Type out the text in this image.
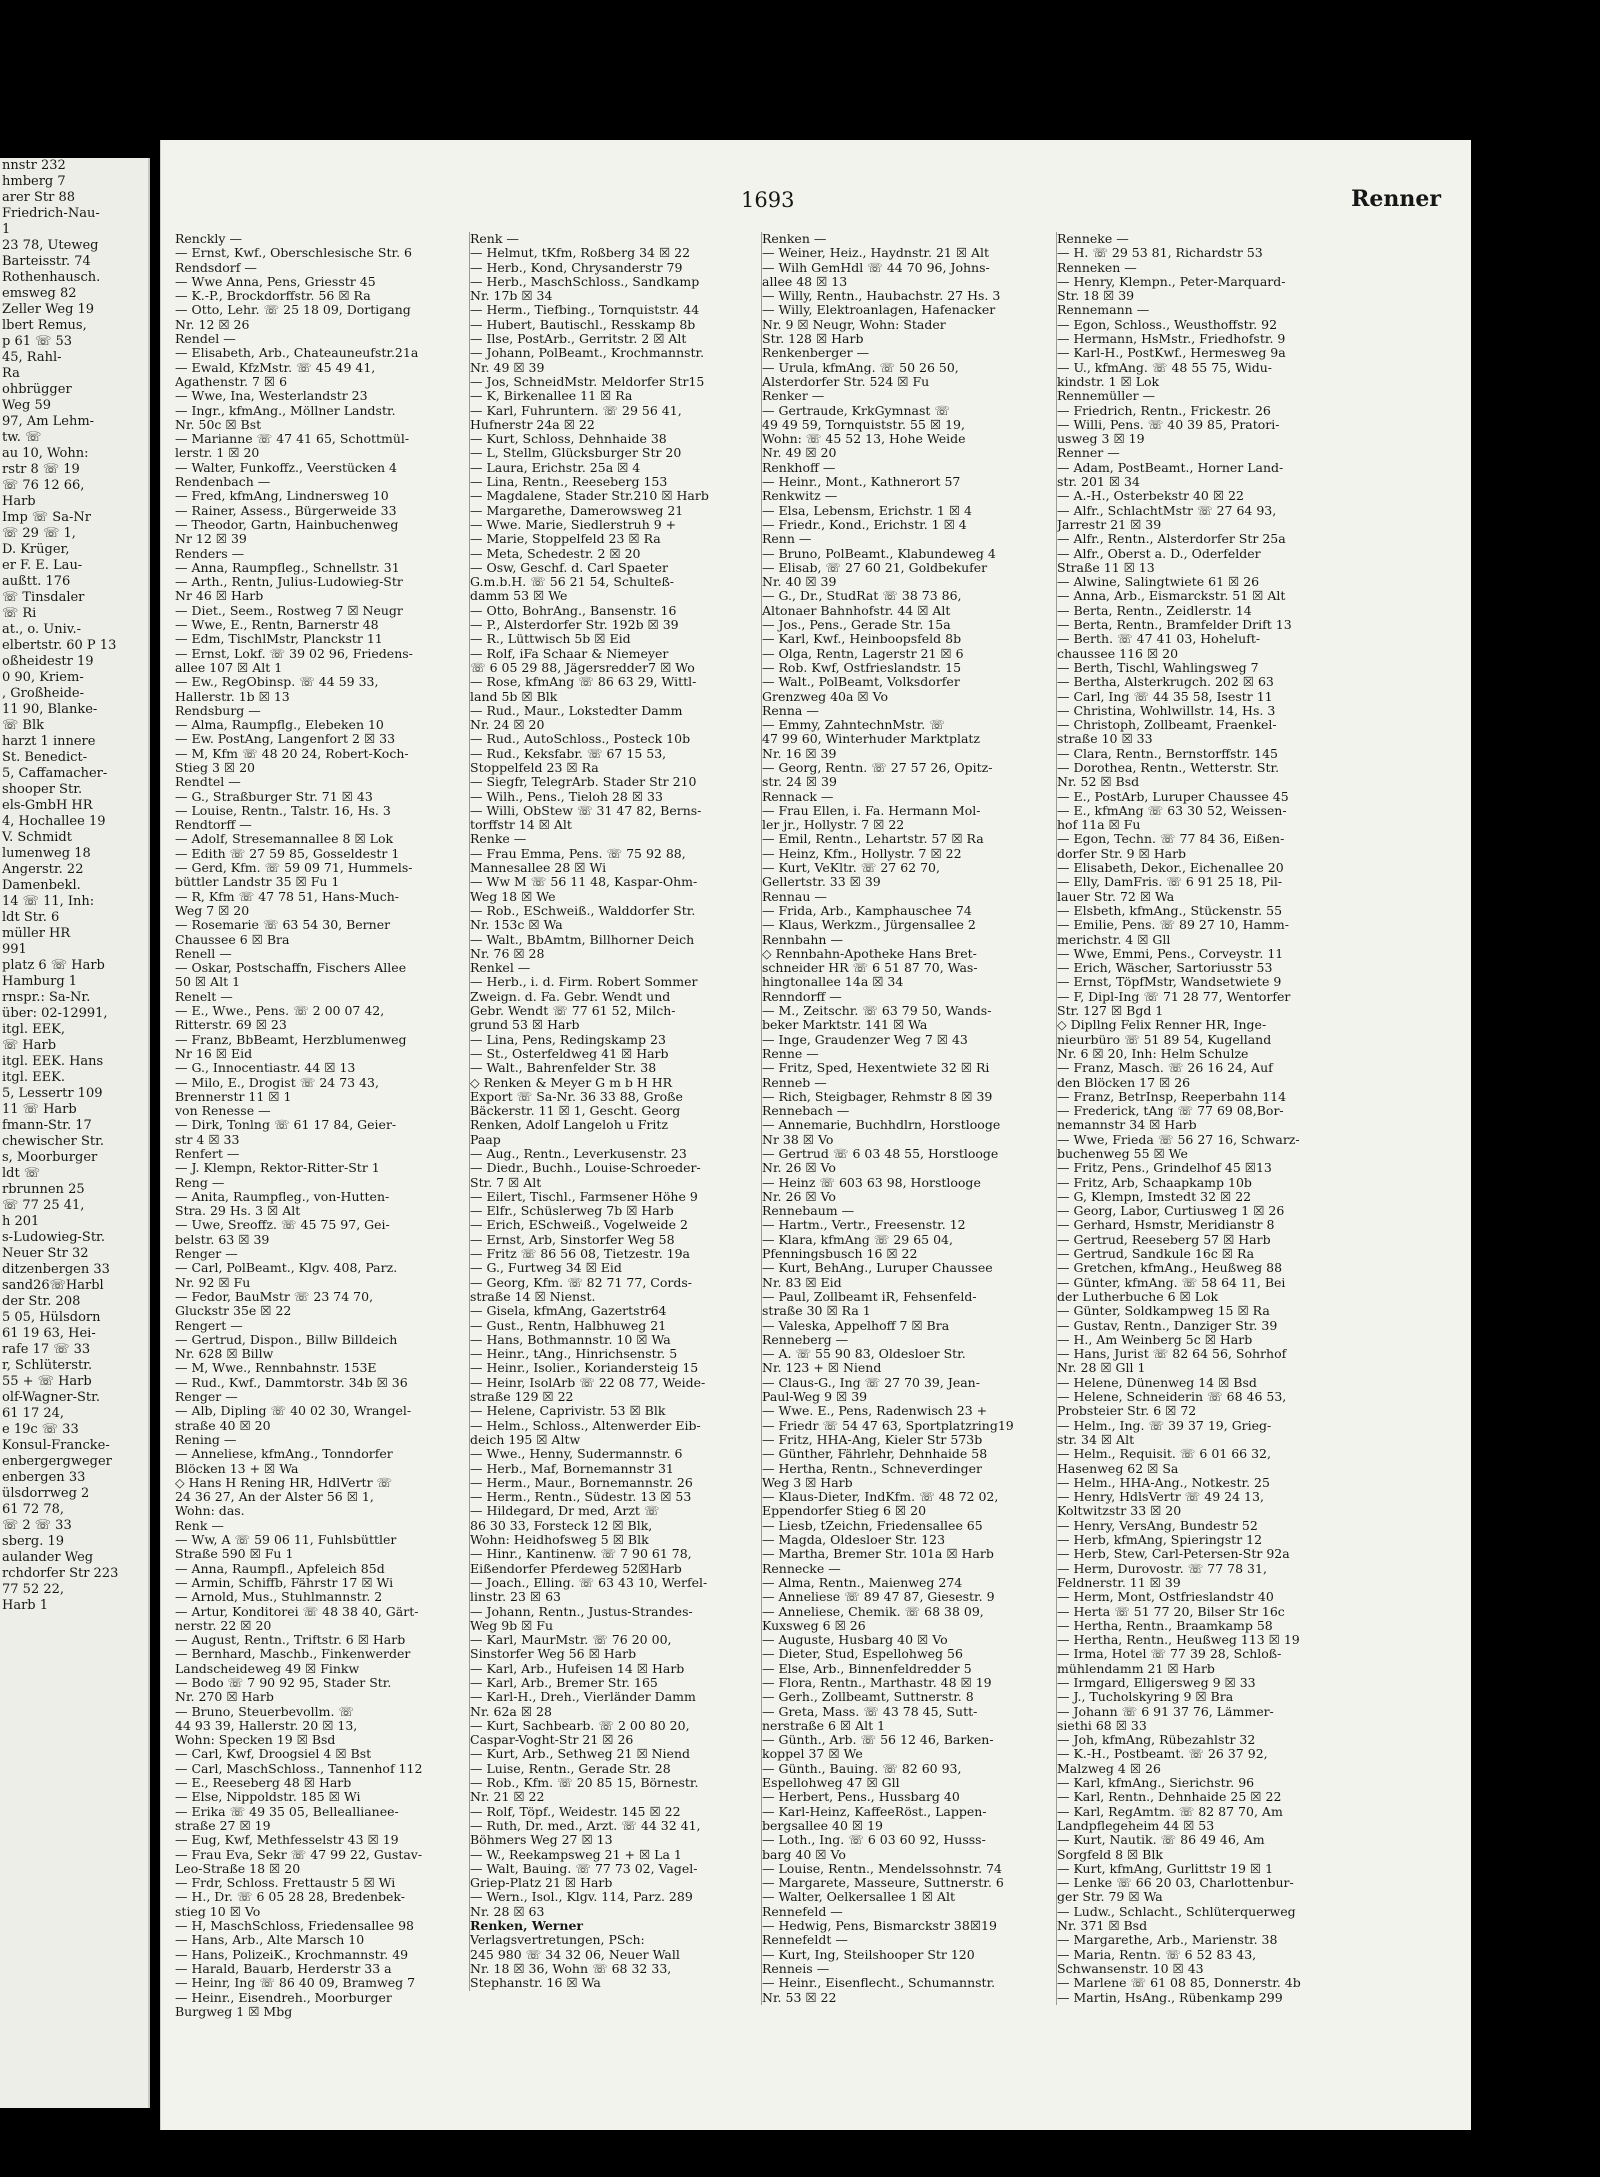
nnstr 232
hmberg 7
arer Str 88
Friedrich-Nau-
1
23 78, Uteweg
Barteisstr. 74
Rothenhausch.
emsweg 82
Zeller Weg 19
lbert Remus,
p 61 ☏ 53
45, Rahl-
Ra
ohbrügger
Weg 59
97, Am Lehm-
tw. ☏
au 10, Wohn:
rstr 8 ☏ 19
☏ 76 12 66,
Harb
Imp ☏ Sa-Nr
☏ 29 ☏ 1,
D. Krüger,
er F. E. Lau-
außtt. 176
☏ Tinsdaler
☏ Ri
at., o. Univ.-
elbertstr. 60 P 13
oßheidestr 19
0 90, Kriem-
, Großheide-
11 90, Blanke-
☏ Blk
harzt 1 innere
St. Benedict-
5, Caffamacher-
shooper Str.
els-GmbH HR
4, Hochallee 19
V. Schmidt
lumenweg 18
Angerstr. 22
Damenbekl.
14 ☏ 11, Inh:
ldt Str. 6
müller HR
991
platz 6 ☏ Harb
Hamburg 1
rnspr.: Sa-Nr.
über: 02-12991,
itgl. EEK,
☏ Harb
itgl. EEK. Hans
itgl. EEK.
5, Lessertr 109
11 ☏ Harb
fmann-Str. 17
chewischer Str.
s, Moorburger
ldt ☏
rbrunnen 25
☏ 77 25 41,
h 201
s-Ludowieg-Str.
Neuer Str 32
ditzenbergen 33
sand26☏Harbl
der Str. 208
5 05, Hülsdorn
61 19 63, Hei-
rafe 17 ☏ 33
r, Schlüterstr.
55 + ☏ Harb
olf-Wagner-Str.
61 17 24,
e 19c ☏ 33
Konsul-Francke-
enbergergweger
enbergen 33
ülsdorrweg 2
61 72 78,
☏ 2 ☏ 33
sberg. 19
aulander Weg
rchdorfer Str 223
77 52 22,
Harb 1
1693	Renner
Renckly —
— Ernst, Kwf., Oberschlesische Str. 6
Rendsdorf —
— Wwe Anna, Pens, Griesstr 45
— K.-P., Brockdorffstr. 56 ☒ Ra
— Otto, Lehr. ☏ 25 18 09, Dortigang
Nr. 12 ☒ 26
Rendel —
— Elisabeth, Arb., Chateauneufstr.21a
— Ewald, KfzMstr. ☏ 45 49 41,
Agathenstr. 7 ☒ 6
— Wwe, Ina, Westerlandstr 23
— Ingr., kfmAng., Möllner Landstr.
Nr. 50c ☒ Bst
— Marianne ☏ 47 41 65, Schottmül-
lerstr. 1 ☒ 20
— Walter, Funkoffz., Veerstücken 4
Rendenbach —
— Fred, kfmAng, Lindnersweg 10
— Rainer, Assess., Bürgerweide 33
— Theodor, Gartn, Hainbuchenweg
Nr 12 ☒ 39
Renders —
— Anna, Raumpfleg., Schnellstr. 31
— Arth., Rentn, Julius-Ludowieg-Str
Nr 46 ☒ Harb
— Diet., Seem., Rostweg 7 ☒ Neugr
— Wwe, E., Rentn, Barnerstr 48
— Edm, TischlMstr, Planckstr 11
— Ernst, Lokf. ☏ 39 02 96, Friedens-
allee 107 ☒ Alt 1
— Ew., RegObinsp. ☏ 44 59 33,
Hallerstr. 1b ☒ 13
Rendsburg —
— Alma, Raumpflg., Elebeken 10
— Ew. PostAng, Langenfort 2 ☒ 33
— M, Kfm ☏ 48 20 24, Robert-Koch-
Stieg 3 ☒ 20
Rendtel —
— G., Straßburger Str. 71 ☒ 43
— Louise, Rentn., Talstr. 16, Hs. 3
Rendtorff —
— Adolf, Stresemannallee 8 ☒ Lok
— Edith ☏ 27 59 85, Gosseldestr 1
— Gerd, Kfm. ☏ 59 09 71, Hummels-
büttler Landstr 35 ☒ Fu 1
— R, Kfm ☏ 47 78 51, Hans-Much-
Weg 7 ☒ 20
— Rosemarie ☏ 63 54 30, Berner
Chaussee 6 ☒ Bra
Renell —
— Oskar, Postschaffn, Fischers Allee
50 ☒ Alt 1
Renelt —
— E., Wwe., Pens. ☏ 2 00 07 42,
Ritterstr. 69 ☒ 23
— Franz, BbBeamt, Herzblumenweg
Nr 16 ☒ Eid
— G., Innocentiastr. 44 ☒ 13
— Milo, E., Drogist ☏ 24 73 43,
Brennerstr 11 ☒ 1
von Renesse —
— Dirk, Tonlng ☏ 61 17 84, Geier-
str 4 ☒ 33
Renfert —
— J. Klempn, Rektor-Ritter-Str 1
Reng —
— Anita, Raumpfleg., von-Hutten-
Stra. 29 Hs. 3 ☒ Alt
— Uwe, Sreoffz. ☏ 45 75 97, Gei-
belstr. 63 ☒ 39
Renger —
— Carl, PolBeamt., Klgv. 408, Parz.
Nr. 92 ☒ Fu
— Fedor, BauMstr ☏ 23 74 70,
Gluckstr 35e ☒ 22
Rengert —
— Gertrud, Dispon., Billw Billdeich
Nr. 628 ☒ Billw
— M, Wwe., Rennbahnstr. 153E
— Rud., Kwf., Dammtorstr. 34b ☒ 36
Renger —
— Alb, Dipling ☏ 40 02 30, Wrangel-
straße 40 ☒ 20
Rening —
— Anneliese, kfmAng., Tonndorfer
Blöcken 13 + ☒ Wa
◇ Hans H Rening HR, HdlVertr ☏
24 36 27, An der Alster 56 ☒ 1,
Wohn: das.
Renk —
— Ww, A ☏ 59 06 11, Fuhlsbüttler
Straße 590 ☒ Fu 1
— Anna, Raumpfl., Apfeleich 85d
— Armin, Schiffb, Fährstr 17 ☒ Wi
— Arnold, Mus., Stuhlmannstr. 2
— Artur, Konditorei ☏ 48 38 40, Gärt-
nerstr. 22 ☒ 20
— August, Rentn., Triftstr. 6 ☒ Harb
— Bernhard, Maschb., Finkenwerder
Landscheideweg 49 ☒ Finkw
— Bodo ☏ 7 90 92 95, Stader Str.
Nr. 270 ☒ Harb
— Bruno, Steuerbevollm. ☏
44 93 39, Hallerstr. 20 ☒ 13,
Wohn: Specken 19 ☒ Bsd
— Carl, Kwf, Droogsiel 4 ☒ Bst
— Carl, MaschSchloss., Tannenhof 112
— E., Reeseberg 48 ☒ Harb
— Else, Nippoldstr. 185 ☒ Wi
— Erika ☏ 49 35 05, Belleallianee-
straße 27 ☒ 19
— Eug, Kwf, Methfesselstr 43 ☒ 19
— Frau Eva, Sekr ☏ 47 99 22, Gustav-
Leo-Straße 18 ☒ 20
— Frdr, Schloss. Frettaustr 5 ☒ Wi
— H., Dr. ☏ 6 05 28 28, Bredenbek-
stieg 10 ☒ Vo
— H, MaschSchloss, Friedensallee 98
— Hans, Arb., Alte Marsch 10
— Hans, PolizeiK., Krochmannstr. 49
— Harald, Bauarb, Herderstr 33 a
— Heinr, Ing ☏ 86 40 09, Bramweg 7
— Heinr., Eisendreh., Moorburger
Burgweg 1 ☒ Mbg
Renk —
— Helmut, tKfm, Roßberg 34 ☒ 22
— Herb., Kond, Chrysanderstr 79
— Herb., MaschSchloss., Sandkamp
Nr. 17b ☒ 34
— Herm., Tiefbing., Tornquiststr. 44
— Hubert, Bautischl., Resskamp 8b
— Ilse, PostArb., Gerritstr. 2 ☒ Alt
— Johann, PolBeamt., Krochmannstr.
Nr. 49 ☒ 39
— Jos, SchneidMstr. Meldorfer Str15
— K, Birkenallee 11 ☒ Ra
— Karl, Fuhruntern. ☏ 29 56 41,
Hufnerstr 24a ☒ 22
— Kurt, Schloss, Dehnhaide 38
— L, Stellm, Glücksburger Str 20
— Laura, Erichstr. 25a ☒ 4
— Lina, Rentn., Reeseberg 153
— Magdalene, Stader Str.210 ☒ Harb
— Margarethe, Damerowsweg 21
— Wwe. Marie, Siedlerstruh 9 +
— Marie, Stoppelfeld 23 ☒ Ra
— Meta, Schedestr. 2 ☒ 20
— Osw, Geschf. d. Carl Spaeter
G.m.b.H. ☏ 56 21 54, Schulteß-
damm 53 ☒ We
— Otto, BohrAng., Bansenstr. 16
— P., Alsterdorfer Str. 192b ☒ 39
— R., Lüttwisch 5b ☒ Eid
— Rolf, iFa Schaar & Niemeyer
☏ 6 05 29 88, Jägersredder7 ☒ Wo
— Rose, kfmAng ☏ 86 63 29, Wittl-
land 5b ☒ Blk
— Rud., Maur., Lokstedter Damm
Nr. 24 ☒ 20
— Rud., AutoSchloss., Posteck 10b
— Rud., Keksfabr. ☏ 67 15 53,
Stoppelfeld 23 ☒ Ra
— Siegfr, TelegrArb. Stader Str 210
— Wilh., Pens., Tieloh 28 ☒ 33
— Willi, ObStew ☏ 31 47 82, Berns-
torffstr 14 ☒ Alt
Renke —
— Frau Emma, Pens. ☏ 75 92 88,
Mannesallee 28 ☒ Wi
— Ww M ☏ 56 11 48, Kaspar-Ohm-
Weg 18 ☒ We
— Rob., ESchweiß., Walddorfer Str.
Nr. 153c ☒ Wa
— Walt., BbAmtm, Billhorner Deich
Nr. 76 ☒ 28
Renkel —
— Herb., i. d. Firm. Robert Sommer
Zweign. d. Fa. Gebr. Wendt und
Gebr. Wendt ☏ 77 61 52, Milch-
grund 53 ☒ Harb
— Lina, Pens, Redingskamp 23
— St., Osterfeldweg 41 ☒ Harb
— Walt., Bahrenfelder Str. 38
◇ Renken & Meyer G m b H HR
Export ☏ Sa-Nr. 36 33 88, Große
Bäckerstr. 11 ☒ 1, Gescht. Georg
Renken, Adolf Langeloh u Fritz
Paap
— Aug., Rentn., Leverkusenstr. 23
— Diedr., Buchh., Louise-Schroeder-
Str. 7 ☒ Alt
— Eilert, Tischl., Farmsener Höhe 9
— Elfr., Schüslerweg 7b ☒ Harb
— Erich, ESchweiß., Vogelweide 2
— Ernst, Arb, Sinstorfer Weg 58
— Fritz ☏ 86 56 08, Tietzestr. 19a
— G., Furtweg 34 ☒ Eid
— Georg, Kfm. ☏ 82 71 77, Cords-
straße 14 ☒ Nienst.
— Gisela, kfmAng, Gazertstr64
— Gust., Rentn, Halbhuweg 21
— Hans, Bothmannstr. 10 ☒ Wa
— Heinr., tAng., Hinrichsenstr. 5
— Heinr., Isolier., Koriandersteig 15
— Heinr, IsolArb ☏ 22 08 77, Weide-
straße 129 ☒ 22
— Helene, Caprivistr. 53 ☒ Blk
— Helm., Schloss., Altenwerder Eib-
deich 195 ☒ Altw
— Wwe., Henny, Sudermannstr. 6
— Herb., Maf, Bornemannstr 31
— Herm., Maur., Bornemannstr. 26
— Herm., Rentn., Südestr. 13 ☒ 53
— Hildegard, Dr med, Arzt ☏
86 30 33, Forsteck 12 ☒ Blk,
Wohn: Heidhofsweg 5 ☒ Blk
— Hinr., Kantinenw. ☏ 7 90 61 78,
Eißendorfer Pferdeweg 52☒Harb
— Joach., Elling. ☏ 63 43 10, Werfel-
linstr. 23 ☒ 63
— Johann, Rentn., Justus-Strandes-
Weg 9b ☒ Fu
— Karl, MaurMstr. ☏ 76 20 00,
Sinstorfer Weg 56 ☒ Harb
— Karl, Arb., Hufeisen 14 ☒ Harb
— Karl, Arb., Bremer Str. 165
— Karl-H., Dreh., Vierländer Damm
Nr. 62a ☒ 28
— Kurt, Sachbearb. ☏ 2 00 80 20,
Caspar-Voght-Str 21 ☒ 26
— Kurt, Arb., Sethweg 21 ☒ Niend
— Luise, Rentn., Gerade Str. 28
— Rob., Kfm. ☏ 20 85 15, Börnestr.
Nr. 21 ☒ 22
— Rolf, Töpf., Weidestr. 145 ☒ 22
— Ruth, Dr. med., Arzt. ☏ 44 32 41,
Böhmers Weg 27 ☒ 13
— W., Reekampsweg 21 + ☒ La 1
— Walt, Bauing. ☏ 77 73 02, Vagel-
Griep-Platz 21 ☒ Harb
— Wern., Isol., Klgv. 114, Parz. 289
Nr. 28 ☒ 63
Renken, Werner
Verlagsvertretungen, PSch:
245 980 ☏ 34 32 06, Neuer Wall
Nr. 18 ☒ 36, Wohn ☏ 68 32 33,
Stephanstr. 16 ☒ Wa
Renken —
— Weiner, Heiz., Haydnstr. 21 ☒ Alt
— Wilh GemHdl ☏ 44 70 96, Johns-
allee 48 ☒ 13
— Willy, Rentn., Haubachstr. 27 Hs. 3
— Willy, Elektroanlagen, Hafenacker
Nr. 9 ☒ Neugr, Wohn: Stader
Str. 128 ☒ Harb
Renkenberger —
— Urula, kfmAng. ☏ 50 26 50,
Alsterdorfer Str. 524 ☒ Fu
Renker —
— Gertraude, KrkGymnast ☏
49 49 59, Tornquiststr. 55 ☒ 19,
Wohn: ☏ 45 52 13, Hohe Weide
Nr. 49 ☒ 20
Renkhoff —
— Heinr., Mont., Kathnerort 57
Renkwitz —
— Elsa, Lebensm, Erichstr. 1 ☒ 4
— Friedr., Kond., Erichstr. 1 ☒ 4
Renn —
— Bruno, PolBeamt., Klabundeweg 4
— Elisab, ☏ 27 60 21, Goldbekufer
Nr. 40 ☒ 39
— G., Dr., StudRat ☏ 38 73 86,
Altonaer Bahnhofstr. 44 ☒ Alt
— Jos., Pens., Gerade Str. 15a
— Karl, Kwf., Heinboopsfeld 8b
— Olga, Rentn, Lagerstr 21 ☒ 6
— Rob. Kwf, Ostfrieslandstr. 15
— Walt., PolBeamt, Volksdorfer
Grenzweg 40a ☒ Vo
Renna —
— Emmy, ZahntechnMstr. ☏
47 99 60, Winterhuder Marktplatz
Nr. 16 ☒ 39
— Georg, Rentn. ☏ 27 57 26, Opitz-
str. 24 ☒ 39
Rennack —
— Frau Ellen, i. Fa. Hermann Mol-
ler jr., Hollystr. 7 ☒ 22
— Emil, Rentn., Lehartstr. 57 ☒ Ra
— Heinz, Kfm., Hollystr. 7 ☒ 22
— Kurt, VeKltr. ☏ 27 62 70,
Gellertstr. 33 ☒ 39
Rennau —
— Frida, Arb., Kamphauschee 74
— Klaus, Werkzm., Jürgensallee 2
Rennbahn —
◇ Rennbahn-Apotheke Hans Bret-
schneider HR ☏ 6 51 87 70, Was-
hingtonallee 14a ☒ 34
Renndorff —
— M., Zeitschr. ☏ 63 79 50, Wands-
beker Marktstr. 141 ☒ Wa
— Inge, Graudenzer Weg 7 ☒ 43
Renne —
— Fritz, Sped, Hexentwiete 32 ☒ Ri
Renneb —
— Rich, Steigbager, Rehmstr 8 ☒ 39
Rennebach —
— Annemarie, Buchhdlrn, Horstlooge
Nr 38 ☒ Vo
— Gertrud ☏ 6 03 48 55, Horstlooge
Nr. 26 ☒ Vo
— Heinz ☏ 603 63 98, Horstlooge
Nr. 26 ☒ Vo
Rennebaum —
— Hartm., Vertr., Freesenstr. 12
— Klara, kfmAng ☏ 29 65 04,
Pfenningsbusch 16 ☒ 22
— Kurt, BehAng., Luruper Chaussee
Nr. 83 ☒ Eid
— Paul, Zollbeamt iR, Fehsenfeld-
straße 30 ☒ Ra 1
— Valeska, Appelhoff 7 ☒ Bra
Renneberg —
— A. ☏ 55 90 83, Oldesloer Str.
Nr. 123 + ☒ Niend
— Claus-G., Ing ☏ 27 70 39, Jean-
Paul-Weg 9 ☒ 39
— Wwe. E., Pens, Radenwisch 23 +
— Friedr ☏ 54 47 63, Sportplatzring19
— Fritz, HHA-Ang, Kieler Str 573b
— Günther, Fährlehr, Dehnhaide 58
— Hertha, Rentn., Schneverdinger
Weg 3 ☒ Harb
— Klaus-Dieter, IndKfm. ☏ 48 72 02,
Eppendorfer Stieg 6 ☒ 20
— Liesb, tZeichn, Friedensallee 65
— Magda, Oldesloer Str. 123
— Martha, Bremer Str. 101a ☒ Harb
Rennecke —
— Alma, Rentn., Maienweg 274
— Anneliese ☏ 89 47 87, Giesestr. 9
— Anneliese, Chemik. ☏ 68 38 09,
Kuxsweg 6 ☒ 26
— Auguste, Husbarg 40 ☒ Vo
— Dieter, Stud, Espellohweg 56
— Else, Arb., Binnenfeldredder 5
— Flora, Rentn., Marthastr. 48 ☒ 19
— Gerh., Zollbeamt, Suttnerstr. 8
— Greta, Mass. ☏ 43 78 45, Sutt-
nerstraße 6 ☒ Alt 1
— Günth., Arb. ☏ 56 12 46, Barken-
koppel 37 ☒ We
— Günth., Bauing. ☏ 82 60 93,
Espellohweg 47 ☒ Gll
— Herbert, Pens., Hussbarg 40
— Karl-Heinz, KaffeeRöst., Lappen-
bergsallee 40 ☒ 19
— Loth., Ing. ☏ 6 03 60 92, Husss-
barg 40 ☒ Vo
— Louise, Rentn., Mendelssohnstr. 74
— Margarete, Masseure, Suttnerstr. 6
— Walter, Oelkersallee 1 ☒ Alt
Rennefeld —
— Hedwig, Pens, Bismarckstr 38☒19
Rennefeldt —
— Kurt, Ing, Steilshooper Str 120
Renneis —
— Heinr., Eisenflecht., Schumannstr.
Nr. 53 ☒ 22
Renneke —
— H. ☏ 29 53 81, Richardstr 53
Renneken —
— Henry, Klempn., Peter-Marquard-
Str. 18 ☒ 39
Rennemann —
— Egon, Schloss., Weusthoffstr. 92
— Hermann, HsMstr., Friedhofstr. 9
— Karl-H., PostKwf., Hermesweg 9a
— U., kfmAng. ☏ 48 55 75, Widu-
kindstr. 1 ☒ Lok
Rennemüller —
— Friedrich, Rentn., Frickestr. 26
— Willi, Pens. ☏ 40 39 85, Pratori-
usweg 3 ☒ 19
Renner —
— Adam, PostBeamt., Horner Land-
str. 201 ☒ 34
— A.-H., Osterbekstr 40 ☒ 22
— Alfr., SchlachtMstr ☏ 27 64 93,
Jarrestr 21 ☒ 39
— Alfr., Rentn., Alsterdorfer Str 25a
— Alfr., Oberst a. D., Oderfelder
Straße 11 ☒ 13
— Alwine, Salingtwiete 61 ☒ 26
— Anna, Arb., Eismarckstr. 51 ☒ Alt
— Berta, Rentn., Zeidlerstr. 14
— Berta, Rentn., Bramfelder Drift 13
— Berth. ☏ 47 41 03, Hoheluft-
chaussee 116 ☒ 20
— Berth, Tischl, Wahlingsweg 7
— Bertha, Alsterkrugch. 202 ☒ 63
— Carl, Ing ☏ 44 35 58, Isestr 11
— Christina, Wohlwillstr. 14, Hs. 3
— Christoph, Zollbeamt, Fraenkel-
straße 10 ☒ 33
— Clara, Rentn., Bernstorffstr. 145
— Dorothea, Rentn., Wetterstr. Str.
Nr. 52 ☒ Bsd
— E., PostArb, Luruper Chaussee 45
— E., kfmAng ☏ 63 30 52, Weissen-
hof 11a ☒ Fu
— Egon, Techn. ☏ 77 84 36, Eißen-
dorfer Str. 9 ☒ Harb
— Elisabeth, Dekor., Eichenallee 20
— Elly, DamFris. ☏ 6 91 25 18, Pil-
lauer Str. 72 ☒ Wa
— Elsbeth, kfmAng., Stückenstr. 55
— Emilie, Pens. ☏ 89 27 10, Hamm-
merichstr. 4 ☒ Gll
— Wwe, Emmi, Pens., Corveystr. 11
— Erich, Wäscher, Sartoriusstr 53
— Ernst, TöpfMstr, Wandsetwiete 9
— F, Dipl-Ing ☏ 71 28 77, Wentorfer
Str. 127 ☒ Bgd 1
◇ Dipllng Felix Renner HR, Inge-
nieurbüro ☏ 51 89 54, Kugelland
Nr. 6 ☒ 20, Inh: Helm Schulze
— Franz, Masch. ☏ 26 16 24, Auf
den Blöcken 17 ☒ 26
— Franz, BetrInsp, Reeperbahn 114
— Frederick, tAng ☏ 77 69 08,Bor-
nemannstr 34 ☒ Harb
— Wwe, Frieda ☏ 56 27 16, Schwarz-
buchenweg 55 ☒ We
— Fritz, Pens., Grindelhof 45 ☒13
— Fritz, Arb, Schaapkamp 10b
— G, Klempn, Imstedt 32 ☒ 22
— Georg, Labor, Curtiusweg 1 ☒ 26
— Gerhard, Hsmstr, Meridianstr 8
— Gertrud, Reeseberg 57 ☒ Harb
— Gertrud, Sandkule 16c ☒ Ra
— Gretchen, kfmAng., Heußweg 88
— Günter, kfmAng. ☏ 58 64 11, Bei
der Lutherbuche 6 ☒ Lok
— Günter, Soldkampweg 15 ☒ Ra
— Gustav, Rentn., Danziger Str. 39
— H., Am Weinberg 5c ☒ Harb
— Hans, Jurist ☏ 82 64 56, Sohrhof
Nr. 28 ☒ Gll 1
— Helene, Dünenweg 14 ☒ Bsd
— Helene, Schneiderin ☏ 68 46 53,
Probsteier Str. 6 ☒ 72
— Helm., Ing. ☏ 39 37 19, Grieg-
str. 34 ☒ Alt
— Helm., Requisit. ☏ 6 01 66 32,
Hasenweg 62 ☒ Sa
— Helm., HHA-Ang., Notkestr. 25
— Henry, HdlsVertr ☏ 49 24 13,
Koltwitzstr 33 ☒ 20
— Henry, VersAng, Bundestr 52
— Herb, kfmAng, Spieringstr 12
— Herb, Stew, Carl-Petersen-Str 92a
— Herm, Durovostr. ☏ 77 78 31,
Feldnerstr. 11 ☒ 39
— Herm, Mont, Ostfrieslandstr 40
— Herta ☏ 51 77 20, Bilser Str 16c
— Hertha, Rentn., Braamkamp 58
— Hertha, Rentn., Heußweg 113 ☒ 19
— Irma, Hotel ☏ 77 39 28, Schloß-
mühlendamm 21 ☒ Harb
— Irmgard, Elligersweg 9 ☒ 33
— J., Tucholskyring 9 ☒ Bra
— Johann ☏ 6 91 37 76, Lämmer-
siethi 68 ☒ 33
— Joh, kfmAng, Rübezahlstr 32
— K.-H., Postbeamt. ☏ 26 37 92,
Malzweg 4 ☒ 26
— Karl, kfmAng., Sierichstr. 96
— Karl, Rentn., Dehnhaide 25 ☒ 22
— Karl, RegAmtm. ☏ 82 87 70, Am
Landpflegeheim 44 ☒ 53
— Kurt, Nautik. ☏ 86 49 46, Am
Sorgfeld 8 ☒ Blk
— Kurt, kfmAng, Gurlittstr 19 ☒ 1
— Lenke ☏ 66 20 03, Charlottenbur-
ger Str. 79 ☒ Wa
— Ludw., Schlacht., Schlüterquerweg
Nr. 371 ☒ Bsd
— Margarethe, Arb., Marienstr. 38
— Maria, Rentn. ☏ 6 52 83 43,
Schwansenstr. 10 ☒ 43
— Marlene ☏ 61 08 85, Donnerstr. 4b
— Martin, HsAng., Rübenkamp 299
